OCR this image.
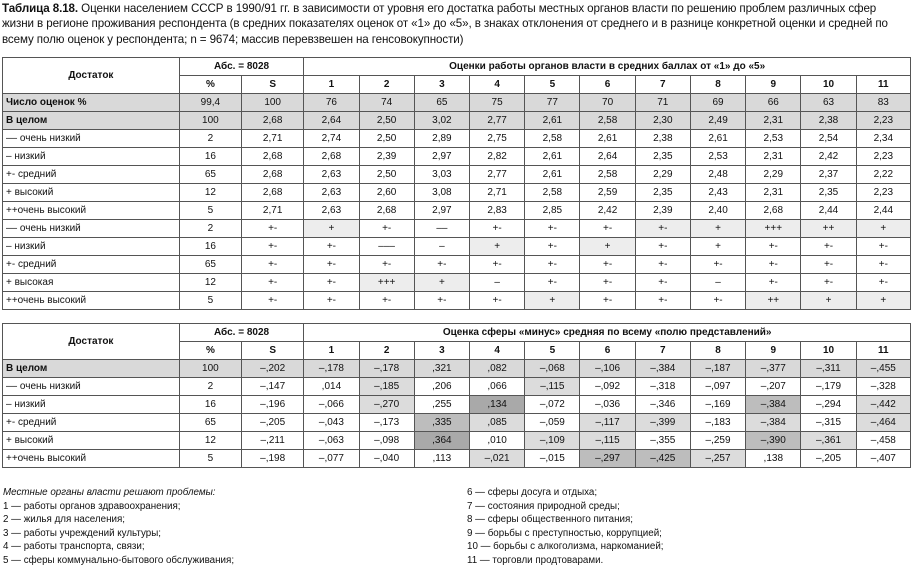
Таблица 8.18. Оценки населением СССР в 1990/91 гг. в зависимости от уровня его достатка работы местных органов власти по решению проблем различных сфер жизни в регионе проживания респондента (в средних показателях оценок от «1» до «5», в знаках отклонения от среднего и в разнице конкретной оценки и средней по всему полю оценок у респондента; n = 9674; массив перевзвешен на генсовокупности)
Достаток	Абс. = 8028		Оценки работы органов власти в средних баллах от «1» до «5»										
	%	S	1	2	3	4	5	6	7	8	9	10	11
Число оценок %	99,4	100	76	74	65	75	77	70	71	69	66	63	83
В целом	100	2,68	2,64	2,50	3,02	2,77	2,61	2,58	2,30	2,49	2,31	2,38	2,23
–– очень низкий	2	2,71	2,74	2,50	2,89	2,75	2,58	2,61	2,38	2,61	2,53	2,54	2,34
– низкий	16	2,68	2,68	2,39	2,97	2,82	2,61	2,64	2,35	2,53	2,31	2,42	2,23
+- средний	65	2,68	2,63	2,50	3,03	2,77	2,61	2,58	2,29	2,48	2,29	2,37	2,22
+ высокий	12	2,68	2,63	2,60	3,08	2,71	2,58	2,59	2,35	2,43	2,31	2,35	2,23
++очень высокий	5	2,71	2,63	2,68	2,97	2,83	2,85	2,42	2,39	2,40	2,68	2,44	2,44
–– очень низкий	2	+-	+	+-	––	+-	+-	+-	+-	+	+++	++	+
– низкий	16	+-	+-	–––	–	+	+-	+	+-	+	+-	+-	+-
+- средний	65	+-	+-	+-	+-	+-	+-	+-	+-	+-	+-	+-	+-
+ высокая	12	+-	+-	+++	+	–	+-	+-	+-	–	+-	+-	+-
++очень высокий	5	+-	+-	+-	+-	+-	+	+-	+-	+-	++	+	+
Достаток	Абс. = 8028		Оценка сферы «минус» средняя по всему «полю представлений»										
	%	S	1	2	3	4	5	6	7	8	9	10	11
В целом	100	–,202	–,178	–,178	,321	,082	–,068	–,106	–,384	–,187	–,377	–,311	–,455
–– очень низкий	2	–,147	,014	–,185	,206	,066	–,115	–,092	–,318	–,097	–,207	–,179	–,328
– низкий	16	–,196	–,066	–,270	,255	,134	–,072	–,036	–,346	–,169	–,384	–,294	–,442
+- средний	65	–,205	–,043	–,173	,335	,085	–,059	–,117	–,399	–,183	–,384	–,315	–,464
+ высокий	12	–,211	–,063	–,098	,364	,010	–,109	–,115	–,355	–,259	–,390	–,361	–,458
++очень высокий	5	–,198	–,077	–,040	,113	–,021	–,015	–,297	–,425	–,257	,138	–,205	–,407
Местные органы власти решают проблемы:
1 — работы органов здравоохранения;
2 — жилья для населения;
3 — работы учреждений культуры;
4 — работы транспорта, связи;
5 — сферы коммунально-бытового обслуживания;
6 — сферы досуга и отдыха;
7 — состояния природной среды;
8 — сферы общественного питания;
9 — борьбы с преступностью, коррупцией;
10 — борьбы с алкоголизма, наркоманией;
11 — торговли продтоварами.
